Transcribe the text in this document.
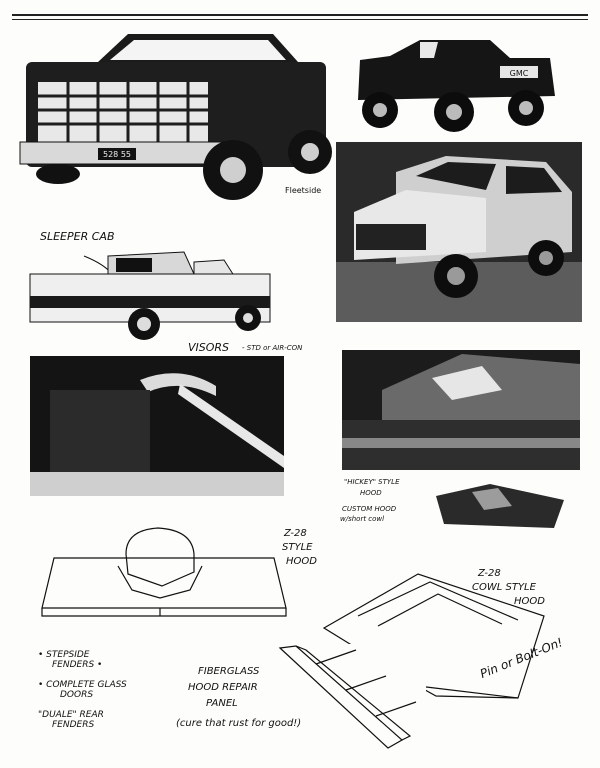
528 55
Fleetside
GMC
SLEEPER CAB
VISORS - STD or AIR-CON
"HICKEY" STYLE
HOOD
CUSTOM HOOD
w/short cowl
Z-28
STYLE
HOOD
Z-28
COWL STYLE
HOOD
FIBERGLASS
HOOD REPAIR
PANEL
(cure that rust for good!)
Pin or Bolt-On!
• STEPSIDE
FENDERS •
• COMPLETE GLASS
DOORS
"DUALE" REAR
FENDERS
